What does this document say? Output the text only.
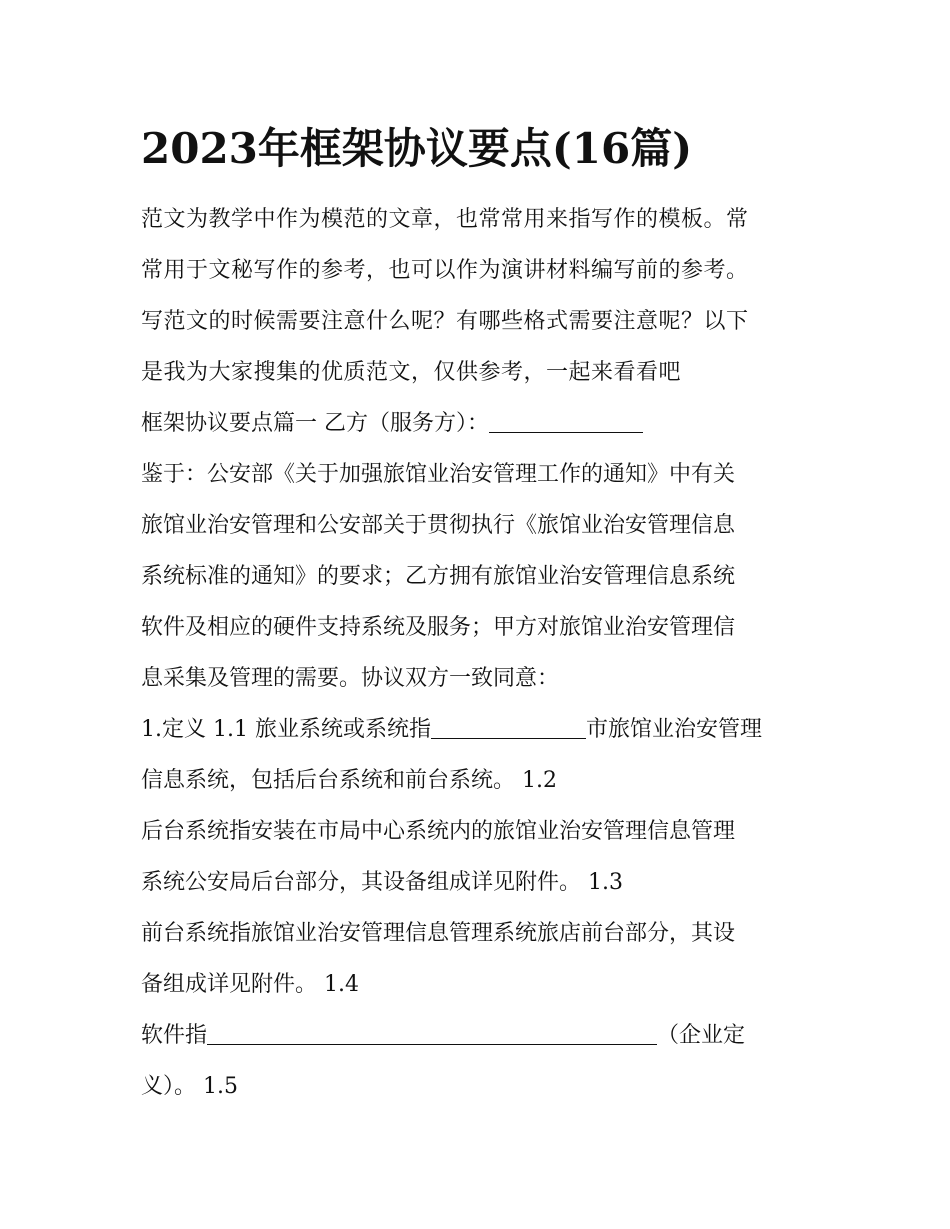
2023年框架协议要点(16篇)
范文为教学中作为模范的文章，也常常用来指写作的模板。常
常用于文秘写作的参考，也可以作为演讲材料编写前的参考。
写范文的时候需要注意什么呢？有哪些格式需要注意呢？以下
是我为大家搜集的优质范文，仅供参考，一起来看看吧
框架协议要点篇一 乙方（服务方）：
鉴于：公安部《关于加强旅馆业治安管理工作的通知》中有关
旅馆业治安管理和公安部关于贯彻执行《旅馆业治安管理信息
系统标准的通知》的要求；乙方拥有旅馆业治安管理信息系统
软件及相应的硬件支持系统及服务；甲方对旅馆业治安管理信
息采集及管理的需要。协议双方一致同意：
1.定义 1.1 旅业系统或系统指	市旅馆业治安管理
信息系统，包括后台系统和前台系统。 1.2
后台系统指安装在市局中心系统内的旅馆业治安管理信息管理
系统公安局后台部分，其设备组成详见附件。 1.3
前台系统指旅馆业治安管理信息管理系统旅店前台部分，其设
备组成详见附件。 1.4
软件指	（企业定
义）。 1.5
